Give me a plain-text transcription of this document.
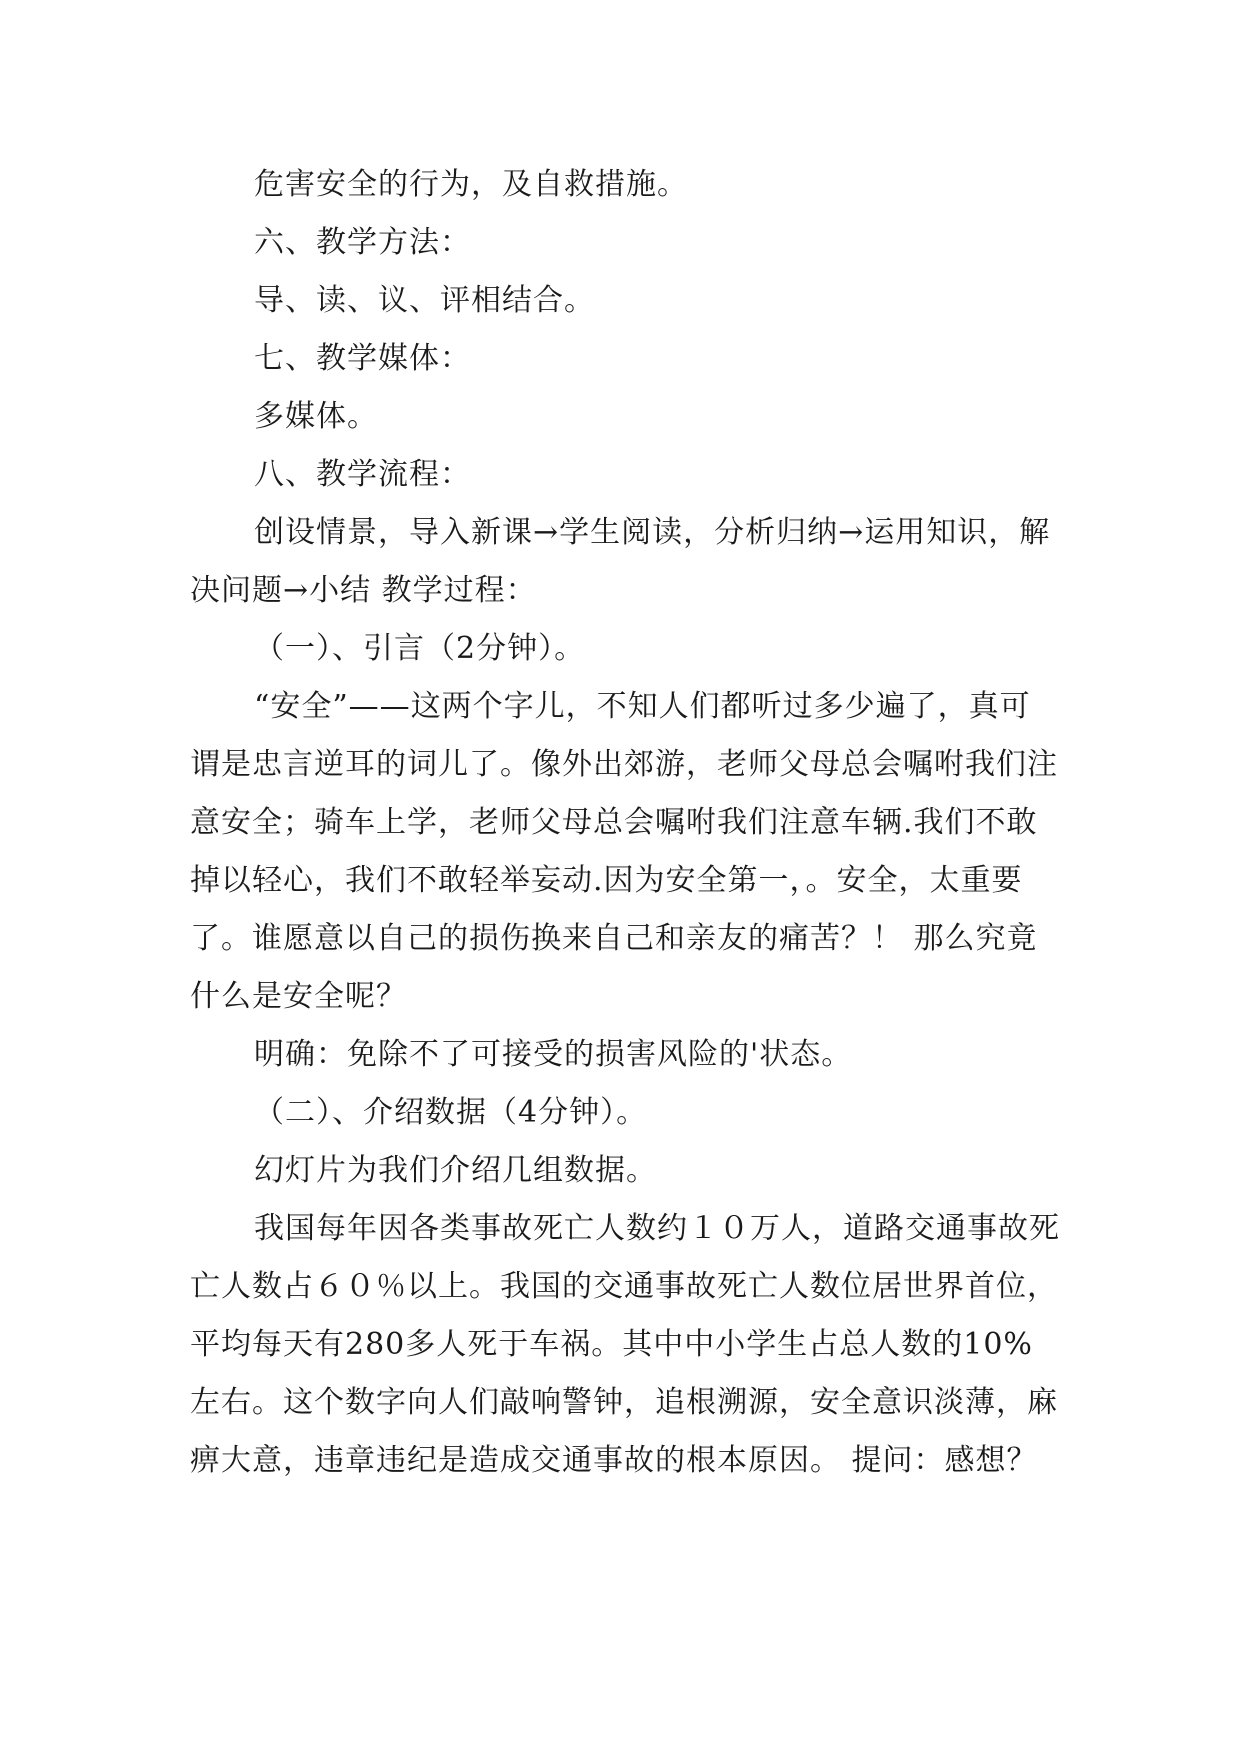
危害安全的行为，及自救措施。

六、教学方法：

导、读、议、评相结合。

七、教学媒体：

多媒体。

八、教学流程：

创设情景，导入新课→学生阅读，分析归纳→运用知识，解决问题→小结 教学过程：

（一）、引言（2分钟）。

“安全”——这两个字儿，不知人们都听过多少遍了，真可谓是忠言逆耳的词儿了。像外出郊游，老师父母总会嘱咐我们注意安全；骑车上学，老师父母总会嘱咐我们注意车辆.我们不敢掉以轻心，我们不敢轻举妄动.因为安全第一，。安全，太重要了。谁愿意以自己的损伤换来自己和亲友的痛苦？！ 那么究竟什么是安全呢？

明确：免除不了可接受的损害风险的'状态。

（二）、介绍数据（4分钟）。

幻灯片为我们介绍几组数据。

我国每年因各类事故死亡人数约１０万人，道路交通事故死亡人数占６０％以上。我国的交通事故死亡人数位居世界首位，平均每天有280多人死于车祸。其中中小学生占总人数的10%左右。这个数字向人们敲响警钟，追根溯源，安全意识淡薄，麻痹大意，违章违纪是造成交通事故的根本原因。 提问：感想？
